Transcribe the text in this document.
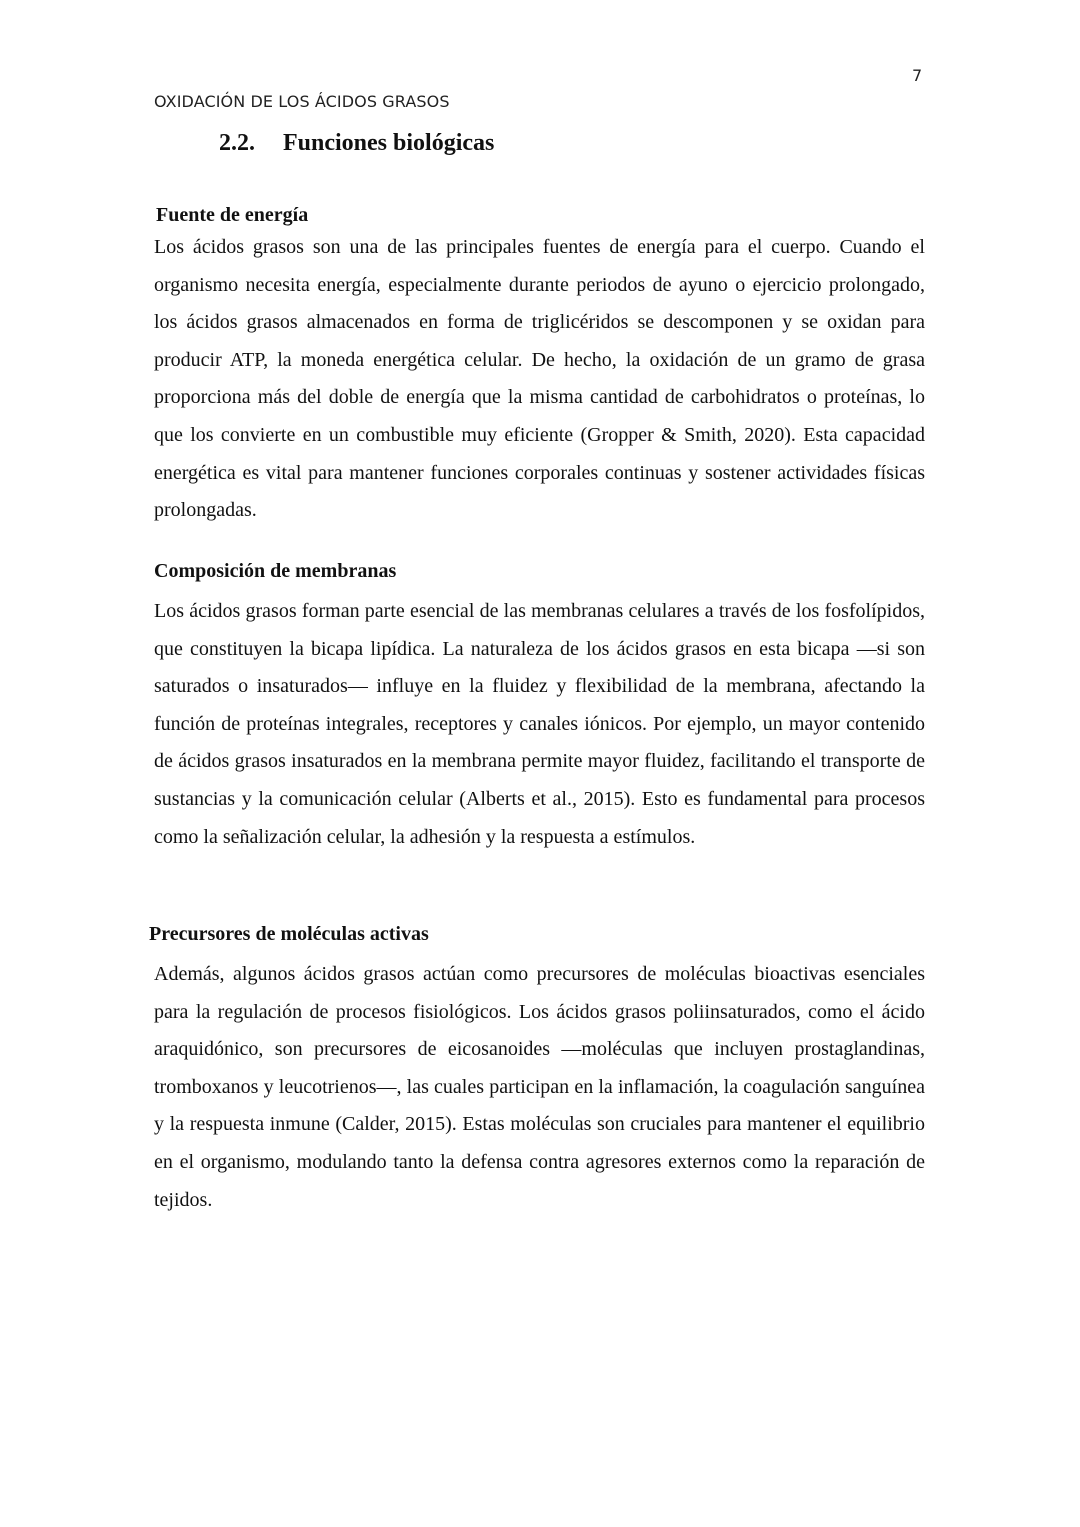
7
OXIDACIÓN DE LOS ÁCIDOS GRASOS
2.2. Funciones biológicas
Fuente de energía

Los ácidos grasos son una de las principales fuentes de energía para el cuerpo. Cuando el organismo necesita energía, especialmente durante periodos de ayuno o ejercicio prolongado, los ácidos grasos almacenados en forma de triglicéridos se descomponen y se oxidan para producir ATP, la moneda energética celular. De hecho, la oxidación de un gramo de grasa proporciona más del doble de energía que la misma cantidad de carbohidratos o proteínas, lo que los convierte en un combustible muy eficiente (Gropper & Smith, 2020). Esta capacidad energética es vital para mantener funciones corporales continuas y sostener actividades físicas prolongadas.

Composición de membranas

Los ácidos grasos forman parte esencial de las membranas celulares a través de los fosfolípidos, que constituyen la bicapa lipídica. La naturaleza de los ácidos grasos en esta bicapa —si son saturados o insaturados— influye en la fluidez y flexibilidad de la membrana, afectando la función de proteínas integrales, receptores y canales iónicos. Por ejemplo, un mayor contenido de ácidos grasos insaturados en la membrana permite mayor fluidez, facilitando el transporte de sustancias y la comunicación celular (Alberts et al., 2015). Esto es fundamental para procesos como la señalización celular, la adhesión y la respuesta a estímulos.

Precursores de moléculas activas

Además, algunos ácidos grasos actúan como precursores de moléculas bioactivas esenciales para la regulación de procesos fisiológicos. Los ácidos grasos poliinsaturados, como el ácido araquidónico, son precursores de eicosanoides —moléculas que incluyen prostaglandinas, tromboxanos y leucotrienos—, las cuales participan en la inflamación, la coagulación sanguínea y la respuesta inmune (Calder, 2015). Estas moléculas son cruciales para mantener el equilibrio en el organismo, modulando tanto la defensa contra agresores externos como la reparación de tejidos.
